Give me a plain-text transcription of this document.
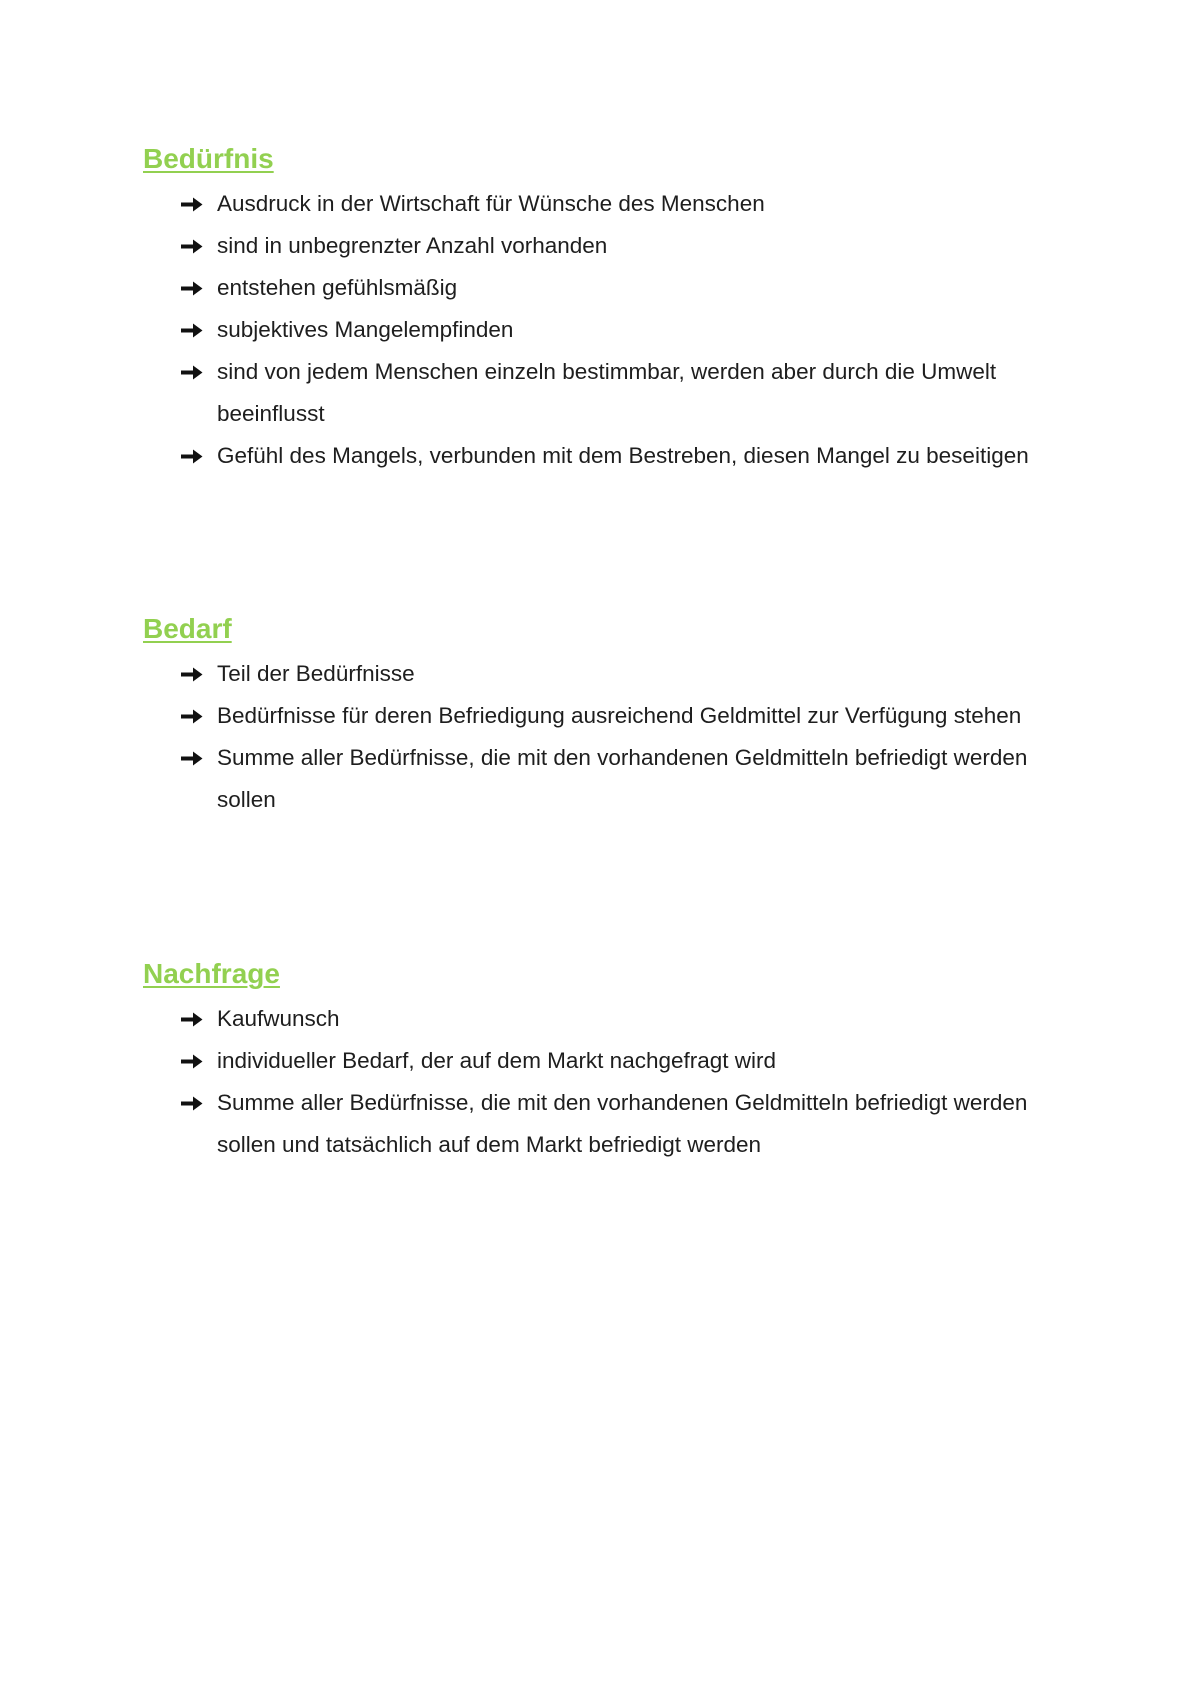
Bedürfnis
Ausdruck in der Wirtschaft für Wünsche des Menschen
sind in unbegrenzter Anzahl vorhanden
entstehen gefühlsmäßig
subjektives Mangelempfinden
sind von jedem Menschen einzeln bestimmbar, werden aber durch die Umwelt beeinflusst
Gefühl des Mangels, verbunden mit dem Bestreben, diesen Mangel zu beseitigen
Bedarf
Teil der Bedürfnisse
Bedürfnisse für deren Befriedigung ausreichend Geldmittel zur Verfügung stehen
Summe aller Bedürfnisse, die mit den vorhandenen Geldmitteln befriedigt werden sollen
Nachfrage
Kaufwunsch
individueller Bedarf, der auf dem Markt nachgefragt wird
Summe aller Bedürfnisse, die mit den vorhandenen Geldmitteln befriedigt werden sollen und tatsächlich auf dem Markt befriedigt werden
